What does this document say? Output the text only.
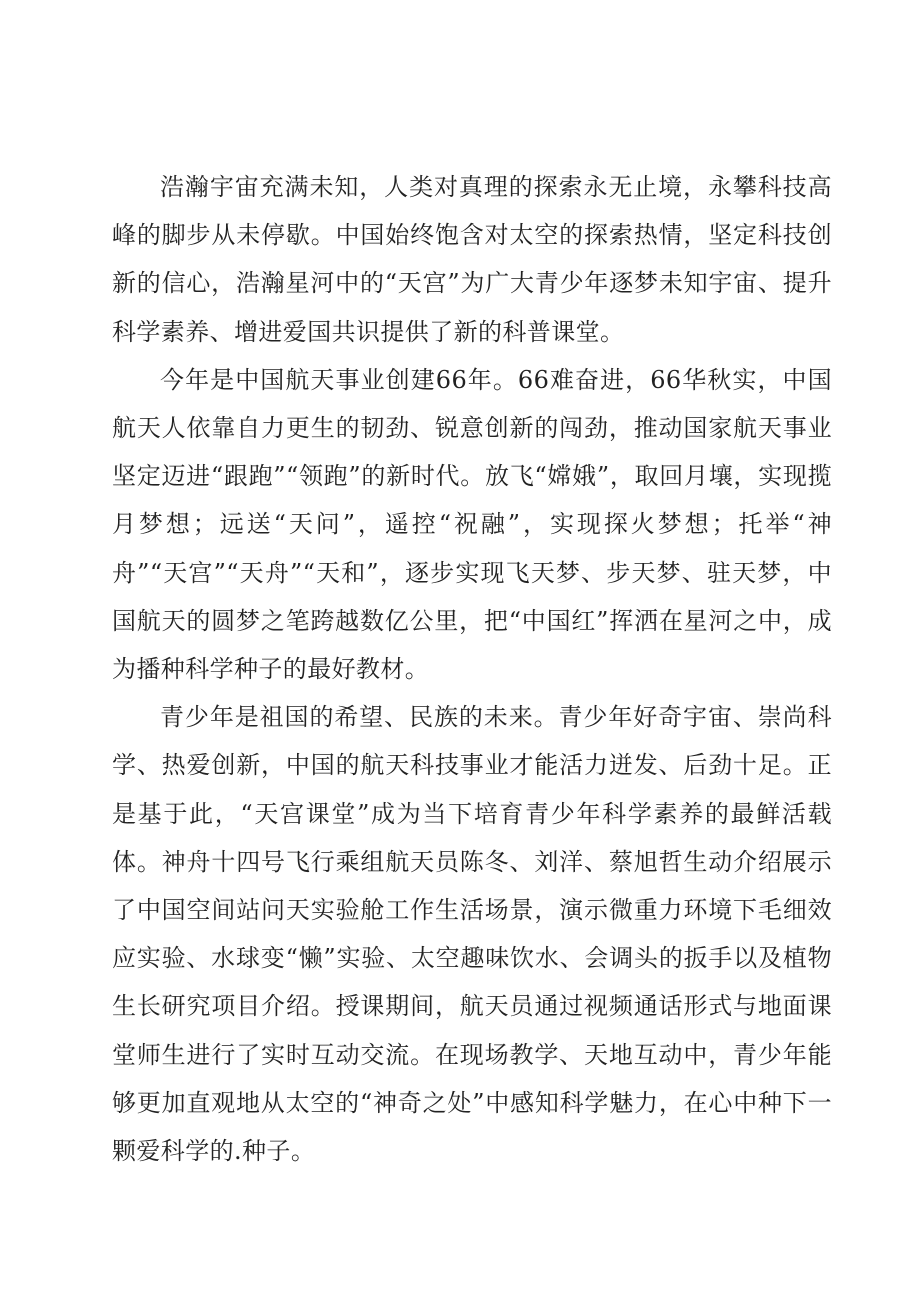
浩瀚宇宙充满未知，人类对真理的探索永无止境，永攀科技高峰的脚步从未停歇。中国始终饱含对太空的探索热情，坚定科技创新的信心，浩瀚星河中的“天宫”为广大青少年逐梦未知宇宙、提升科学素养、增进爱国共识提供了新的科普课堂。

今年是中国航天事业创建66年。66难奋进，66华秋实，中国航天人依靠自力更生的韧劲、锐意创新的闯劲，推动国家航天事业坚定迈进“跟跑”“领跑”的新时代。放飞“嫦娥”，取回月壤，实现揽月梦想；远送“天问”，遥控“祝融”，实现探火梦想；托举“神舟”“天宫”“天舟”“天和”，逐步实现飞天梦、步天梦、驻天梦，中国航天的圆梦之笔跨越数亿公里，把“中国红”挥洒在星河之中，成为播种科学种子的最好教材。

青少年是祖国的希望、民族的未来。青少年好奇宇宙、崇尚科学、热爱创新，中国的航天科技事业才能活力迸发、后劲十足。正是基于此，“天宫课堂”成为当下培育青少年科学素养的最鲜活载体。神舟十四号飞行乘组航天员陈冬、刘洋、蔡旭哲生动介绍展示了中国空间站问天实验舱工作生活场景，演示微重力环境下毛细效应实验、水球变“懒”实验、太空趣味饮水、会调头的扳手以及植物生长研究项目介绍。授课期间，航天员通过视频通话形式与地面课堂师生进行了实时互动交流。在现场教学、天地互动中，青少年能够更加直观地从太空的“神奇之处”中感知科学魅力，在心中种下一颗爱科学的.种子。
